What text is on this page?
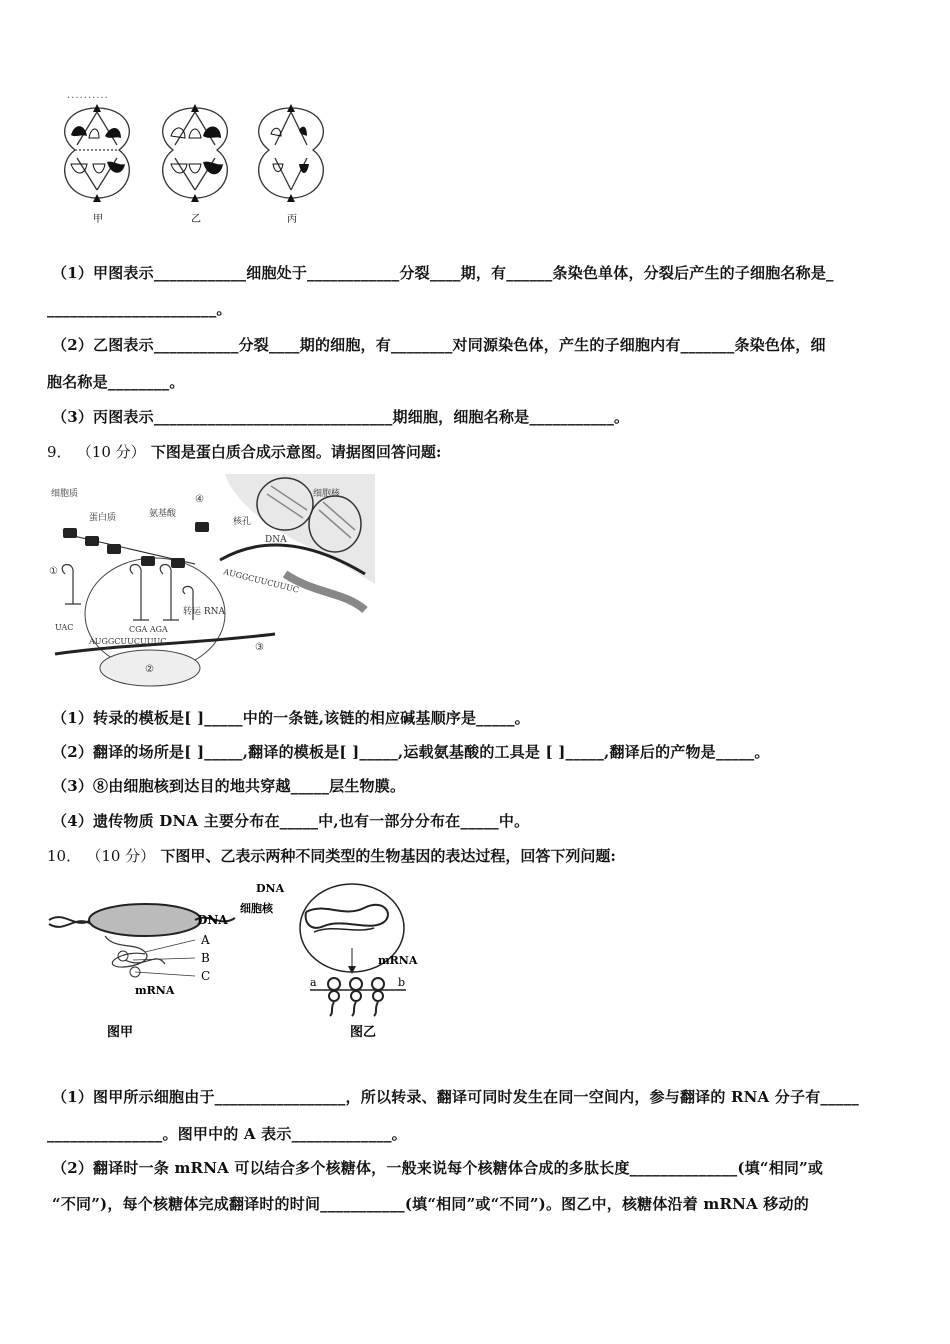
..........
甲	乙	丙
（1）甲图表示____________细胞处于____________分裂____期，有______条染色单体，分裂后产生的子细胞名称是_
______________________。
（2）乙图表示___________分裂____期的细胞，有________对同源染色体，产生的子细胞内有_______条染色体，细
胞名称是________。
（3）丙图表示_______________________________期细胞，细胞名称是___________。
9． （10 分） 下图是蛋白质合成示意图。请据图回答问题:
细胞质
蛋白质	氨基酸
④	细胞核
核孔
DNA
AUGGCUUCUUUC
①
UAC	CGA AGA
转运 RNA
AUGGCUUCUUUC
③
②
（1）转录的模板是[ ]_____中的一条链,该链的相应碱基顺序是_____。
（2）翻译的场所是[ ]_____,翻译的模板是[ ]_____,运载氨基酸的工具是 [ ]_____,翻译后的产物是_____。
（3）⑧由细胞核到达目的地共穿越_____层生物膜。
（4）遗传物质 DNA 主要分布在_____中,也有一部分分布在_____中。
10． （10 分） 下图甲、乙表示两种不同类型的生物基因的表达过程，回答下列问题:
DNA
A
B
C
mRNA
图甲
DNA
细胞核
mRNA
a	b
图乙
（1）图甲所示细胞由于_________________，所以转录、翻译可同时发生在同一空间内，参与翻译的 RNA 分子有_____
_______________。图甲中的 A 表示_____________。
（2）翻译时一条 mRNA 可以结合多个核糖体，一般来说每个核糖体合成的多肽长度______________(填“相同”或
“不同”)，每个核糖体完成翻译时的时间___________(填“相同”或“不同”)。图乙中，核糖体沿着 mRNA 移动的
